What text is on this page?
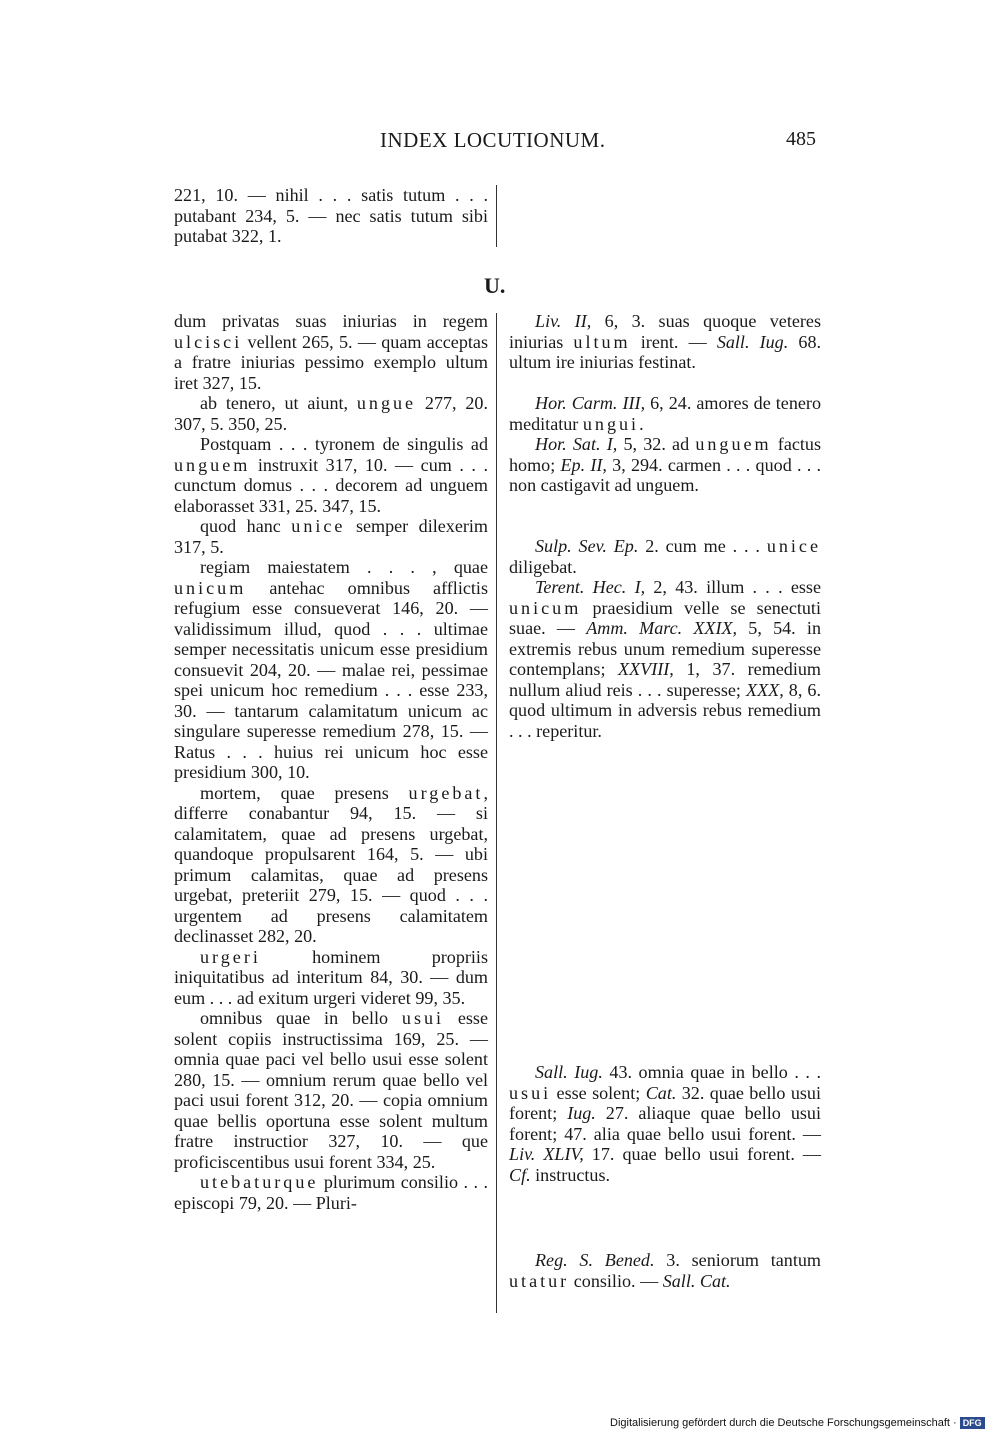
INDEX LOCUTIONUM.	485

221, 10. — nihil . . . satis tutum . . . putabant 234, 5. — nec satis tutum sibi putabat 322, 1.

U.

dum privatas suas iniurias in regem ulcisci vellent 265, 5. — quam acceptas a fratre iniurias pessimo exemplo ultum iret 327, 15.

ab tenero, ut aiunt, ungue 277, 20. 307, 5. 350, 25.

Postquam . . . tyronem de singulis ad unguem instruxit 317, 10. — cum . . . cunctum domus . . . decorem ad unguem elaborasset 331, 25. 347, 15.

quod hanc unice semper dilexerim 317, 5.

regiam maiestatem . . . , quae unicum antehac omnibus afflictis refugium esse consueverat 146, 20. — validissimum illud, quod . . . ultimae semper necessitatis unicum esse presidium consuevit 204, 20. — malae rei, pessimae spei unicum hoc remedium . . . esse 233, 30. — tantarum calamitatum unicum ac singulare superesse remedium 278, 15. — Ratus . . . huius rei unicum hoc esse presidium 300, 10.

mortem, quae presens urgebat, differre conabantur 94, 15. — si calamitatem, quae ad presens urgebat, quandoque propulsarent 164, 5. — ubi primum calamitas, quae ad presens urgebat, preteriit 279, 15. — quod . . . urgentem ad presens calamitatem declinasset 282, 20.

urgeri hominem propriis iniquitatibus ad interitum 84, 30. — dum eum . . . ad exitum urgeri videret 99, 35.

omnibus quae in bello usui esse solent copiis instructissima 169, 25. — omnia quae paci vel bello usui esse solent 280, 15. — omnium rerum quae bello vel paci usui forent 312, 20. — copia omnium quae bellis oportuna esse solent multum fratre instructior 327, 10. — que proficiscentibus usui forent 334, 25.

utebaturque plurimum consilio . . . episcopi 79, 20. — Pluri-

Liv. II, 6, 3. suas quoque veteres iniurias ultum irent. — Sall. Iug. 68. ultum ire iniurias festinat.

Hor. Carm. III, 6, 24. amores de tenero meditatur ungui.

Hor. Sat. I, 5, 32. ad unguem factus homo; Ep. II, 3, 294. carmen . . . quod . . . non castigavit ad unguem.

Sulp. Sev. Ep. 2. cum me . . . unice diligebat.

Terent. Hec. I, 2, 43. illum . . . esse unicum praesidium velle se senectuti suae. — Amm. Marc. XXIX, 5, 54. in extremis rebus unum remedium superesse contemplans; XXVIII, 1, 37. remedium nullum aliud reis . . . superesse; XXX, 8, 6. quod ultimum in adversis rebus remedium . . . reperitur.

Sall. Iug. 43. omnia quae in bello . . . usui esse solent; Cat. 32. quae bello usui forent; Iug. 27. aliaque quae bello usui forent; 47. alia quae bello usui forent. — Liv. XLIV, 17. quae bello usui forent. — Cf. instructus.

Reg. S. Bened. 3. seniorum tantum utatur consilio. — Sall. Cat.

Digitalisierung gefördert durch die Deutsche Forschungsgemeinschaft · DFG
